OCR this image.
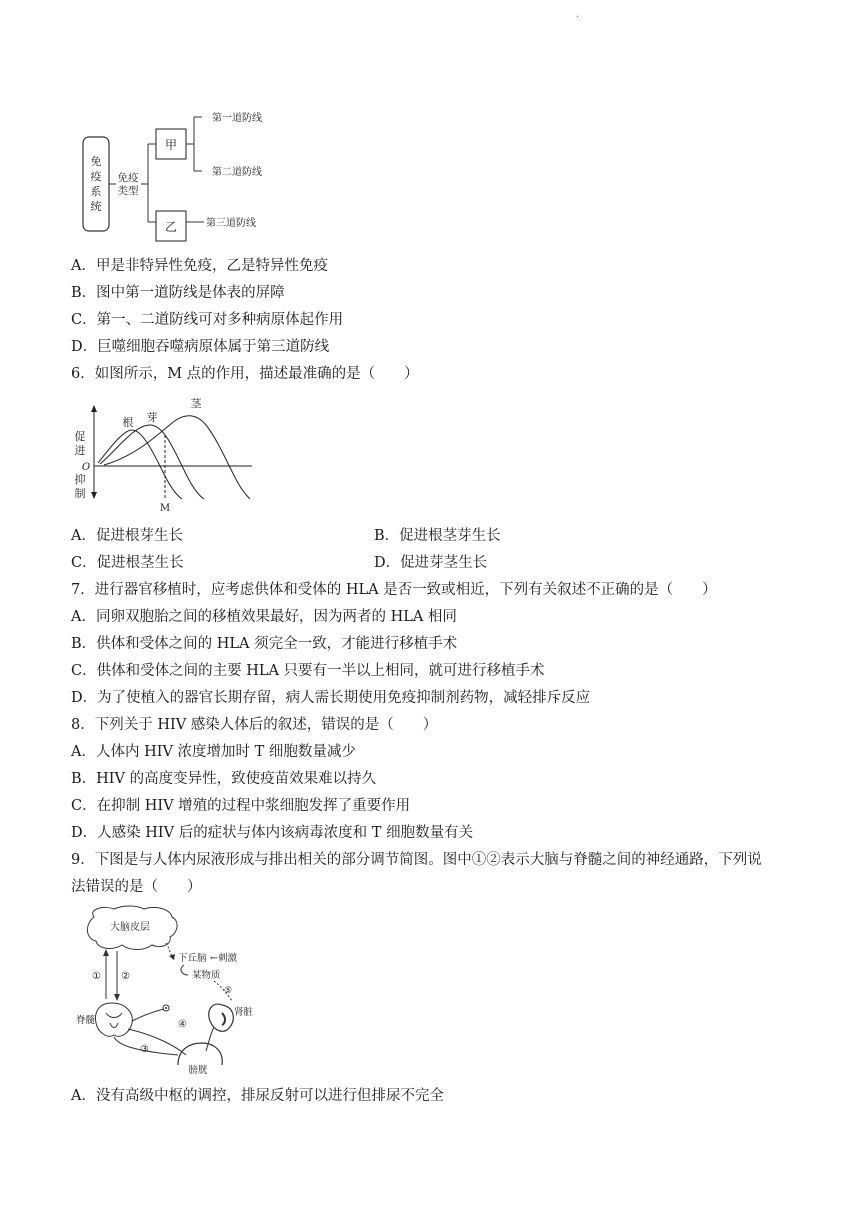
·
免
疫
系
统
免疫
类型
甲
乙
第一道防线
第二道防线
第三道防线
A．甲是非特异性免疫，乙是特异性免疫
B．图中第一道防线是体表的屏障
C．第一、二道防线可对多种病原体起作用
D．巨噬细胞吞噬病原体属于第三道防线
6．如图所示，M 点的作用，描述最准确的是（　　）
促
进
O
抑
制
根 芽
茎
M
A．促进根芽生长	B．促进根茎芽生长
C．促进根茎生长	D．促进芽茎生长
7．进行器官移植时，应考虑供体和受体的 HLA 是否一致或相近，下列有关叙述不正确的是（　　）
A．同卵双胞胎之间的移植效果最好，因为两者的 HLA 相同
B．供体和受体之间的 HLA 须完全一致，才能进行移植手术
C．供体和受体之间的主要 HLA 只要有一半以上相同，就可进行移植手术
D．为了使植入的器官长期存留，病人需长期使用免疫抑制剂药物，减轻排斥反应
8．下列关于 HIV 感染人体后的叙述，错误的是（　　）
A．人体内 HIV 浓度增加时 T 细胞数量减少
B．HIV 的高度变异性，致使疫苗效果难以持久
C．在抑制 HIV 增殖的过程中浆细胞发挥了重要作用
D．人感染 HIV 后的症状与体内该病毒浓度和 T 细胞数量有关
9．下图是与人体内尿液形成与排出相关的部分调节简图。图中①②表示大脑与脊髓之间的神经通路，下列说
法错误的是（　　）
大脑皮层
下丘脑 ←刺激
某物质
⑤
① ②
脊髓	④
③
肾脏
膀胱
A．没有高级中枢的调控，排尿反射可以进行但排尿不完全
